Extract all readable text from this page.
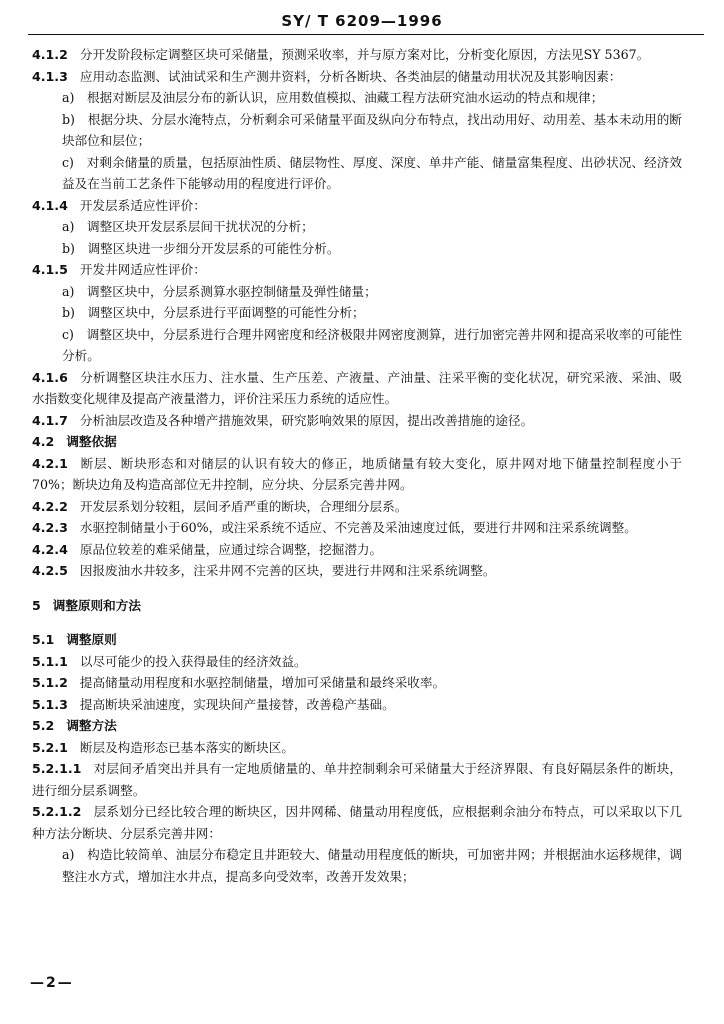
SY/ T 6209—1996

4.1.2 分开发阶段标定调整区块可采储量，预测采收率，并与原方案对比，分析变化原因，方法见SY 5367。

4.1.3 应用动态监测、试油试采和生产测井资料，分析各断块、各类油层的储量动用状况及其影响因素：

a)　 根据对断层及油层分布的新认识，应用数值模拟、油藏工程方法研究油水运动的特点和规律；

b)　 根据分块、分层水淹特点，分析剩余可采储量平面及纵向分布特点，找出动用好、动用差、基本未动用的断块部位和层位；

c)　 对剩余储量的质量，包括原油性质、储层物性、厚度、深度、单井产能、储量富集程度、出砂状况、经济效益及在当前工艺条件下能够动用的程度进行评价。

4.1.4 开发层系适应性评价：

a)　 调整区块开发层系层间干扰状况的分析；

b)　 调整区块进一步细分开发层系的可能性分析。

4.1.5 开发井网适应性评价：

a)　 调整区块中，分层系测算水驱控制储量及弹性储量；

b)　 调整区块中，分层系进行平面调整的可能性分析；

c)　 调整区块中，分层系进行合理井网密度和经济极限井网密度测算，进行加密完善井网和提高采收率的可能性分析。

4.1.6 分析调整区块注水压力、注水量、生产压差、产液量、产油量、注采平衡的变化状况，研究采液、采油、吸水指数变化规律及提高产液量潜力，评价注采压力系统的适应性。

4.1.7 分析油层改造及各种增产措施效果，研究影响效果的原因，提出改善措施的途径。

4.2 调整依据

4.2.1 断层、断块形态和对储层的认识有较大的修正，地质储量有较大变化，原井网对地下储量控制程度小于70%；断块边角及构造高部位无井控制，应分块、分层系完善井网。

4.2.2 开发层系划分较粗，层间矛盾严重的断块，合理细分层系。

4.2.3 水驱控制储量小于60%，或注采系统不适应、不完善及采油速度过低，要进行井网和注采系统调整。

4.2.4 原品位较差的难采储量，应通过综合调整，挖掘潜力。

4.2.5 因报废油水井较多，注采井网不完善的区块，要进行井网和注采系统调整。

5 调整原则和方法

5.1 调整原则

5.1.1 以尽可能少的投入获得最佳的经济效益。

5.1.2 提高储量动用程度和水驱控制储量，增加可采储量和最终采收率。

5.1.3 提高断块采油速度，实现块间产量接替，改善稳产基础。

5.2 调整方法

5.2.1 断层及构造形态已基本落实的断块区。

5.2.1.1 对层间矛盾突出并具有一定地质储量的、单井控制剩余可采储量大于经济界限、有良好隔层条件的断块，进行细分层系调整。

5.2.1.2 层系划分已经比较合理的断块区，因井网稀、储量动用程度低，应根据剩余油分布特点，可以采取以下几种方法分断块、分层系完善井网：

a)　 构造比较简单、油层分布稳定且井距较大、储量动用程度低的断块，可加密井网；并根据油水运移规律，调整注水方式，增加注水井点，提高多向受效率，改善开发效果；

—2—
